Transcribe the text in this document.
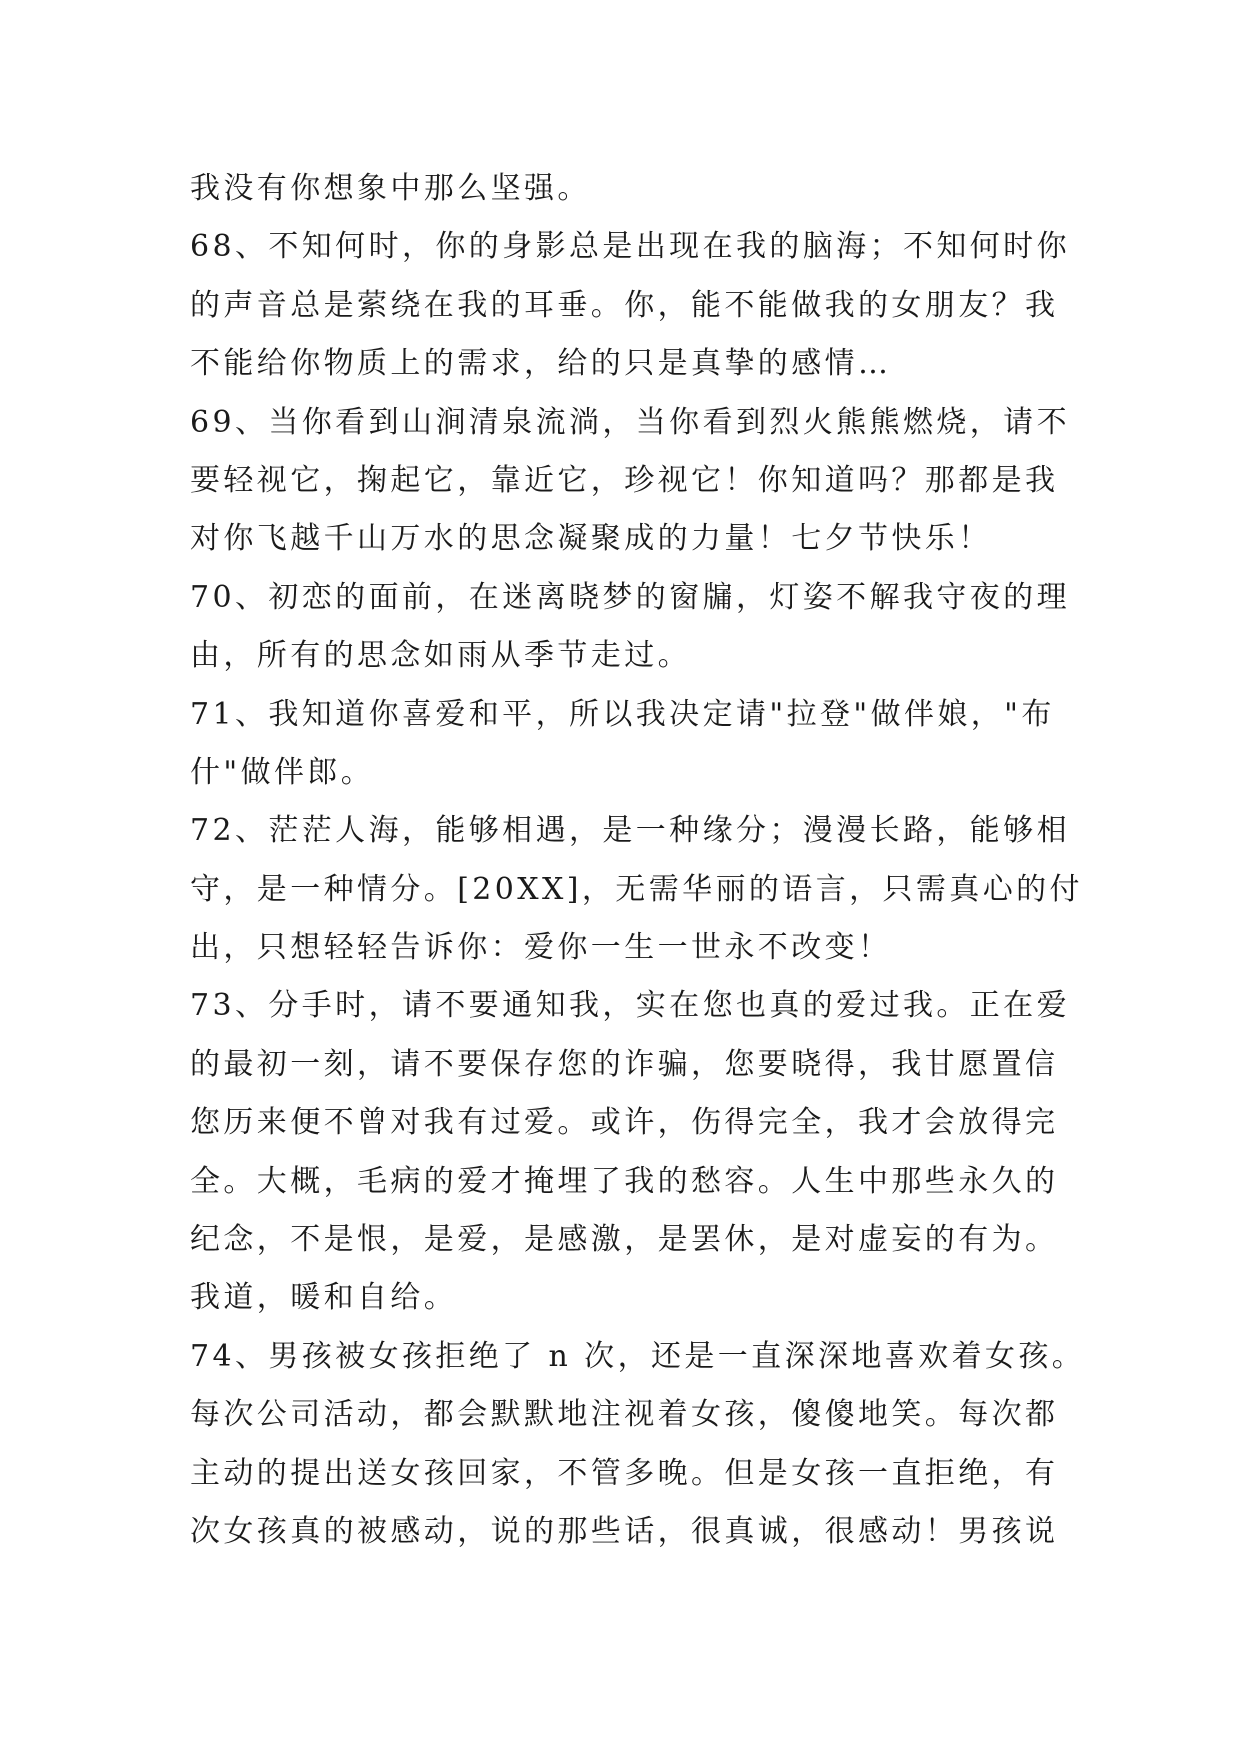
我没有你想象中那么坚强。
68、不知何时，你的身影总是出现在我的脑海；不知何时你
的声音总是萦绕在我的耳垂。你，能不能做我的女朋友？我
不能给你物质上的需求，给的只是真挚的感情…
69、当你看到山涧清泉流淌，当你看到烈火熊熊燃烧，请不
要轻视它，掬起它，靠近它，珍视它！你知道吗？那都是我
对你飞越千山万水的思念凝聚成的力量！七夕节快乐！
70、初恋的面前，在迷离晓梦的窗牖，灯姿不解我守夜的理
由，所有的思念如雨从季节走过。
71、我知道你喜爱和平，所以我决定请"拉登"做伴娘，"布
什"做伴郎。
72、茫茫人海，能够相遇，是一种缘分；漫漫长路，能够相
守，是一种情分。[20XX]，无需华丽的语言，只需真心的付
出，只想轻轻告诉你：爱你一生一世永不改变！
73、分手时，请不要通知我，实在您也真的爱过我。正在爱
的最初一刻，请不要保存您的诈骗，您要晓得，我甘愿置信
您历来便不曾对我有过爱。或许，伤得完全，我才会放得完
全。大概，毛病的爱才掩埋了我的愁容。人生中那些永久的
纪念，不是恨，是爱，是感激，是罢休，是对虚妄的有为。
我道，暖和自给。
74、男孩被女孩拒绝了 n 次，还是一直深深地喜欢着女孩。
每次公司活动，都会默默地注视着女孩，傻傻地笑。每次都
主动的提出送女孩回家，不管多晚。但是女孩一直拒绝，有
次女孩真的被感动，说的那些话，很真诚，很感动！男孩说
